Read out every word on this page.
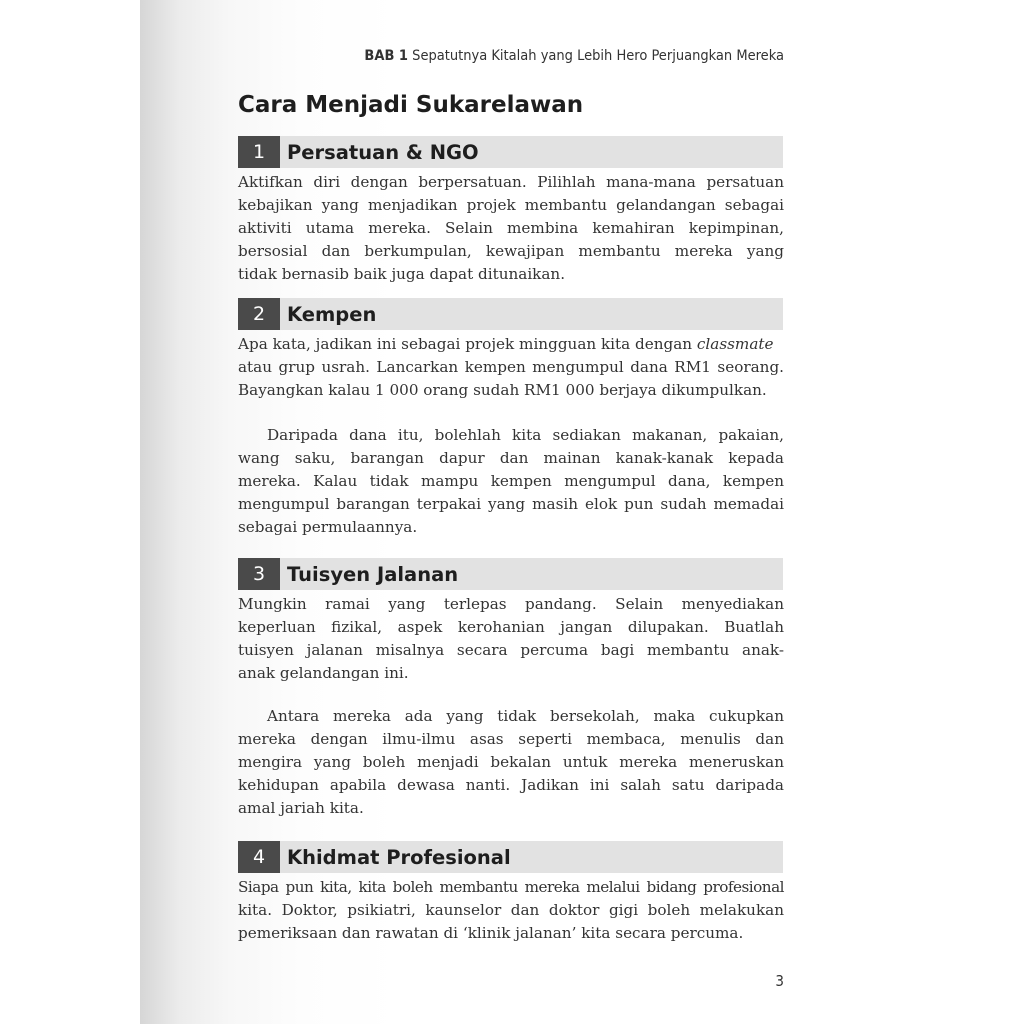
BAB 1 Sepatutnya Kitalah yang Lebih Hero Perjuangkan Mereka
Cara Menjadi Sukarelawan
1	Persatuan & NGO

Aktifkan diri dengan berpersatuan. Pilihlah mana-mana persatuan
kebajikan yang menjadikan projek membantu gelandangan sebagai
aktiviti utama mereka. Selain membina kemahiran kepimpinan,
bersosial dan berkumpulan, kewajipan membantu mereka yang
tidak bernasib baik juga dapat ditunaikan.

2	Kempen

Apa kata, jadikan ini sebagai projek mingguan kita dengan classmate
atau grup usrah. Lancarkan kempen mengumpul dana RM1 seorang.
Bayangkan kalau 1 000 orang sudah RM1 000 berjaya dikumpulkan.

Daripada dana itu, bolehlah kita sediakan makanan, pakaian,
wang saku, barangan dapur dan mainan kanak-kanak kepada
mereka. Kalau tidak mampu kempen mengumpul dana, kempen
mengumpul barangan terpakai yang masih elok pun sudah memadai
sebagai permulaannya.

3	Tuisyen Jalanan

Mungkin ramai yang terlepas pandang. Selain menyediakan
keperluan fizikal, aspek kerohanian jangan dilupakan. Buatlah
tuisyen jalanan misalnya secara percuma bagi membantu anak-
anak gelandangan ini.

Antara mereka ada yang tidak bersekolah, maka cukupkan
mereka dengan ilmu-ilmu asas seperti membaca, menulis dan
mengira yang boleh menjadi bekalan untuk mereka meneruskan
kehidupan apabila dewasa nanti. Jadikan ini salah satu daripada
amal jariah kita.

4	Khidmat Profesional

Siapa pun kita, kita boleh membantu mereka melalui bidang profesional
kita. Doktor, psikiatri, kaunselor dan doktor gigi boleh melakukan
pemeriksaan dan rawatan di ‘klinik jalanan’ kita secara percuma.

3
